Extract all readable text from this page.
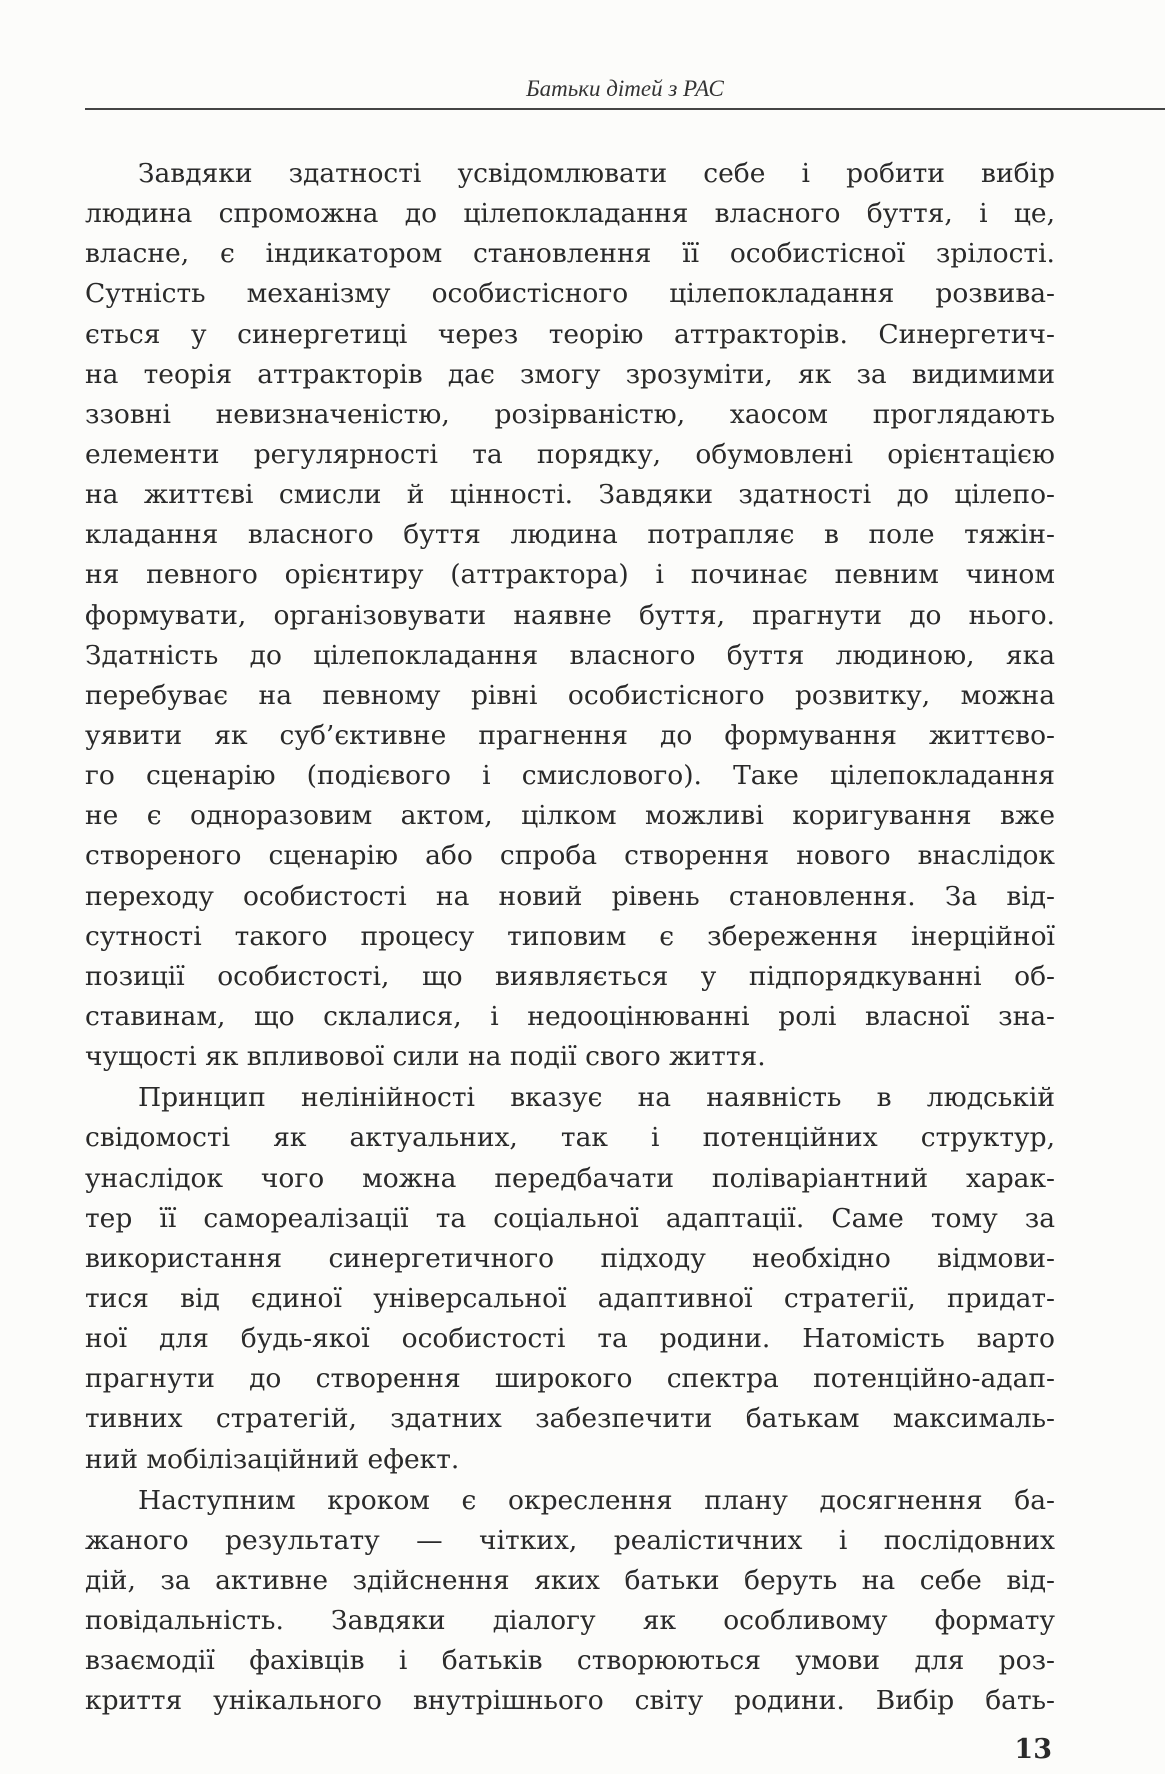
Батьки дітей з РАС

Завдяки здатності усвідомлювати себе і робити вибір
людина спроможна до цілепокладання власного буття, і це,
власне, є індикатором становлення її особистісної зрілості.
Сутність механізму особистісного цілепокладання розвива-
ється у синергетиці через теорію аттракторів. Синергетич-
на теорія аттракторів дає змогу зрозуміти, як за видимими
ззовні невизначеністю, розірваністю, хаосом проглядають
елементи регулярності та порядку, обумовлені орієнтацією
на життєві смисли й цінності. Завдяки здатності до цілепо-
кладання власного буття людина потрапляє в поле тяжін-
ня певного орієнтиру (аттрактора) і починає певним чином
формувати, організовувати наявне буття, прагнути до нього.
Здатність до цілепокладання власного буття людиною, яка
перебуває на певному рівні особистісного розвитку, можна
уявити як суб’єктивне прагнення до формування життєво-
го сценарію (подієвого і смислового). Таке цілепокладання
не є одноразовим актом, цілком можливі коригування вже
створеного сценарію або спроба створення нового внаслідок
переходу особистості на новий рівень становлення. За від-
сутності такого процесу типовим є збереження інерційної
позиції особистості, що виявляється у підпорядкуванні об-
ставинам, що склалися, і недооцінюванні ролі власної зна-
чущості як впливової сили на події свого життя.

Принцип нелінійності вказує на наявність в людській
свідомості як актуальних, так і потенційних структур,
унаслідок чого можна передбачати поліваріантний харак-
тер її самореалізації та соціальної адаптації. Саме тому за
використання синергетичного підходу необхідно відмови-
тися від єдиної універсальної адаптивної стратегії, придат-
ної для будь-якої особистості та родини. Натомість варто
прагнути до створення широкого спектра потенційно-адап-
тивних стратегій, здатних забезпечити батькам максималь-
ний мобілізаційний ефект.

Наступним кроком є окреслення плану досягнення ба-
жаного результату — чітких, реалістичних і послідовних
дій, за активне здійснення яких батьки беруть на себе від-
повідальність. Завдяки діалогу як особливому формату
взаємодії фахівців і батьків створюються умови для роз-
криття унікального внутрішнього світу родини. Вибір бать-

13
